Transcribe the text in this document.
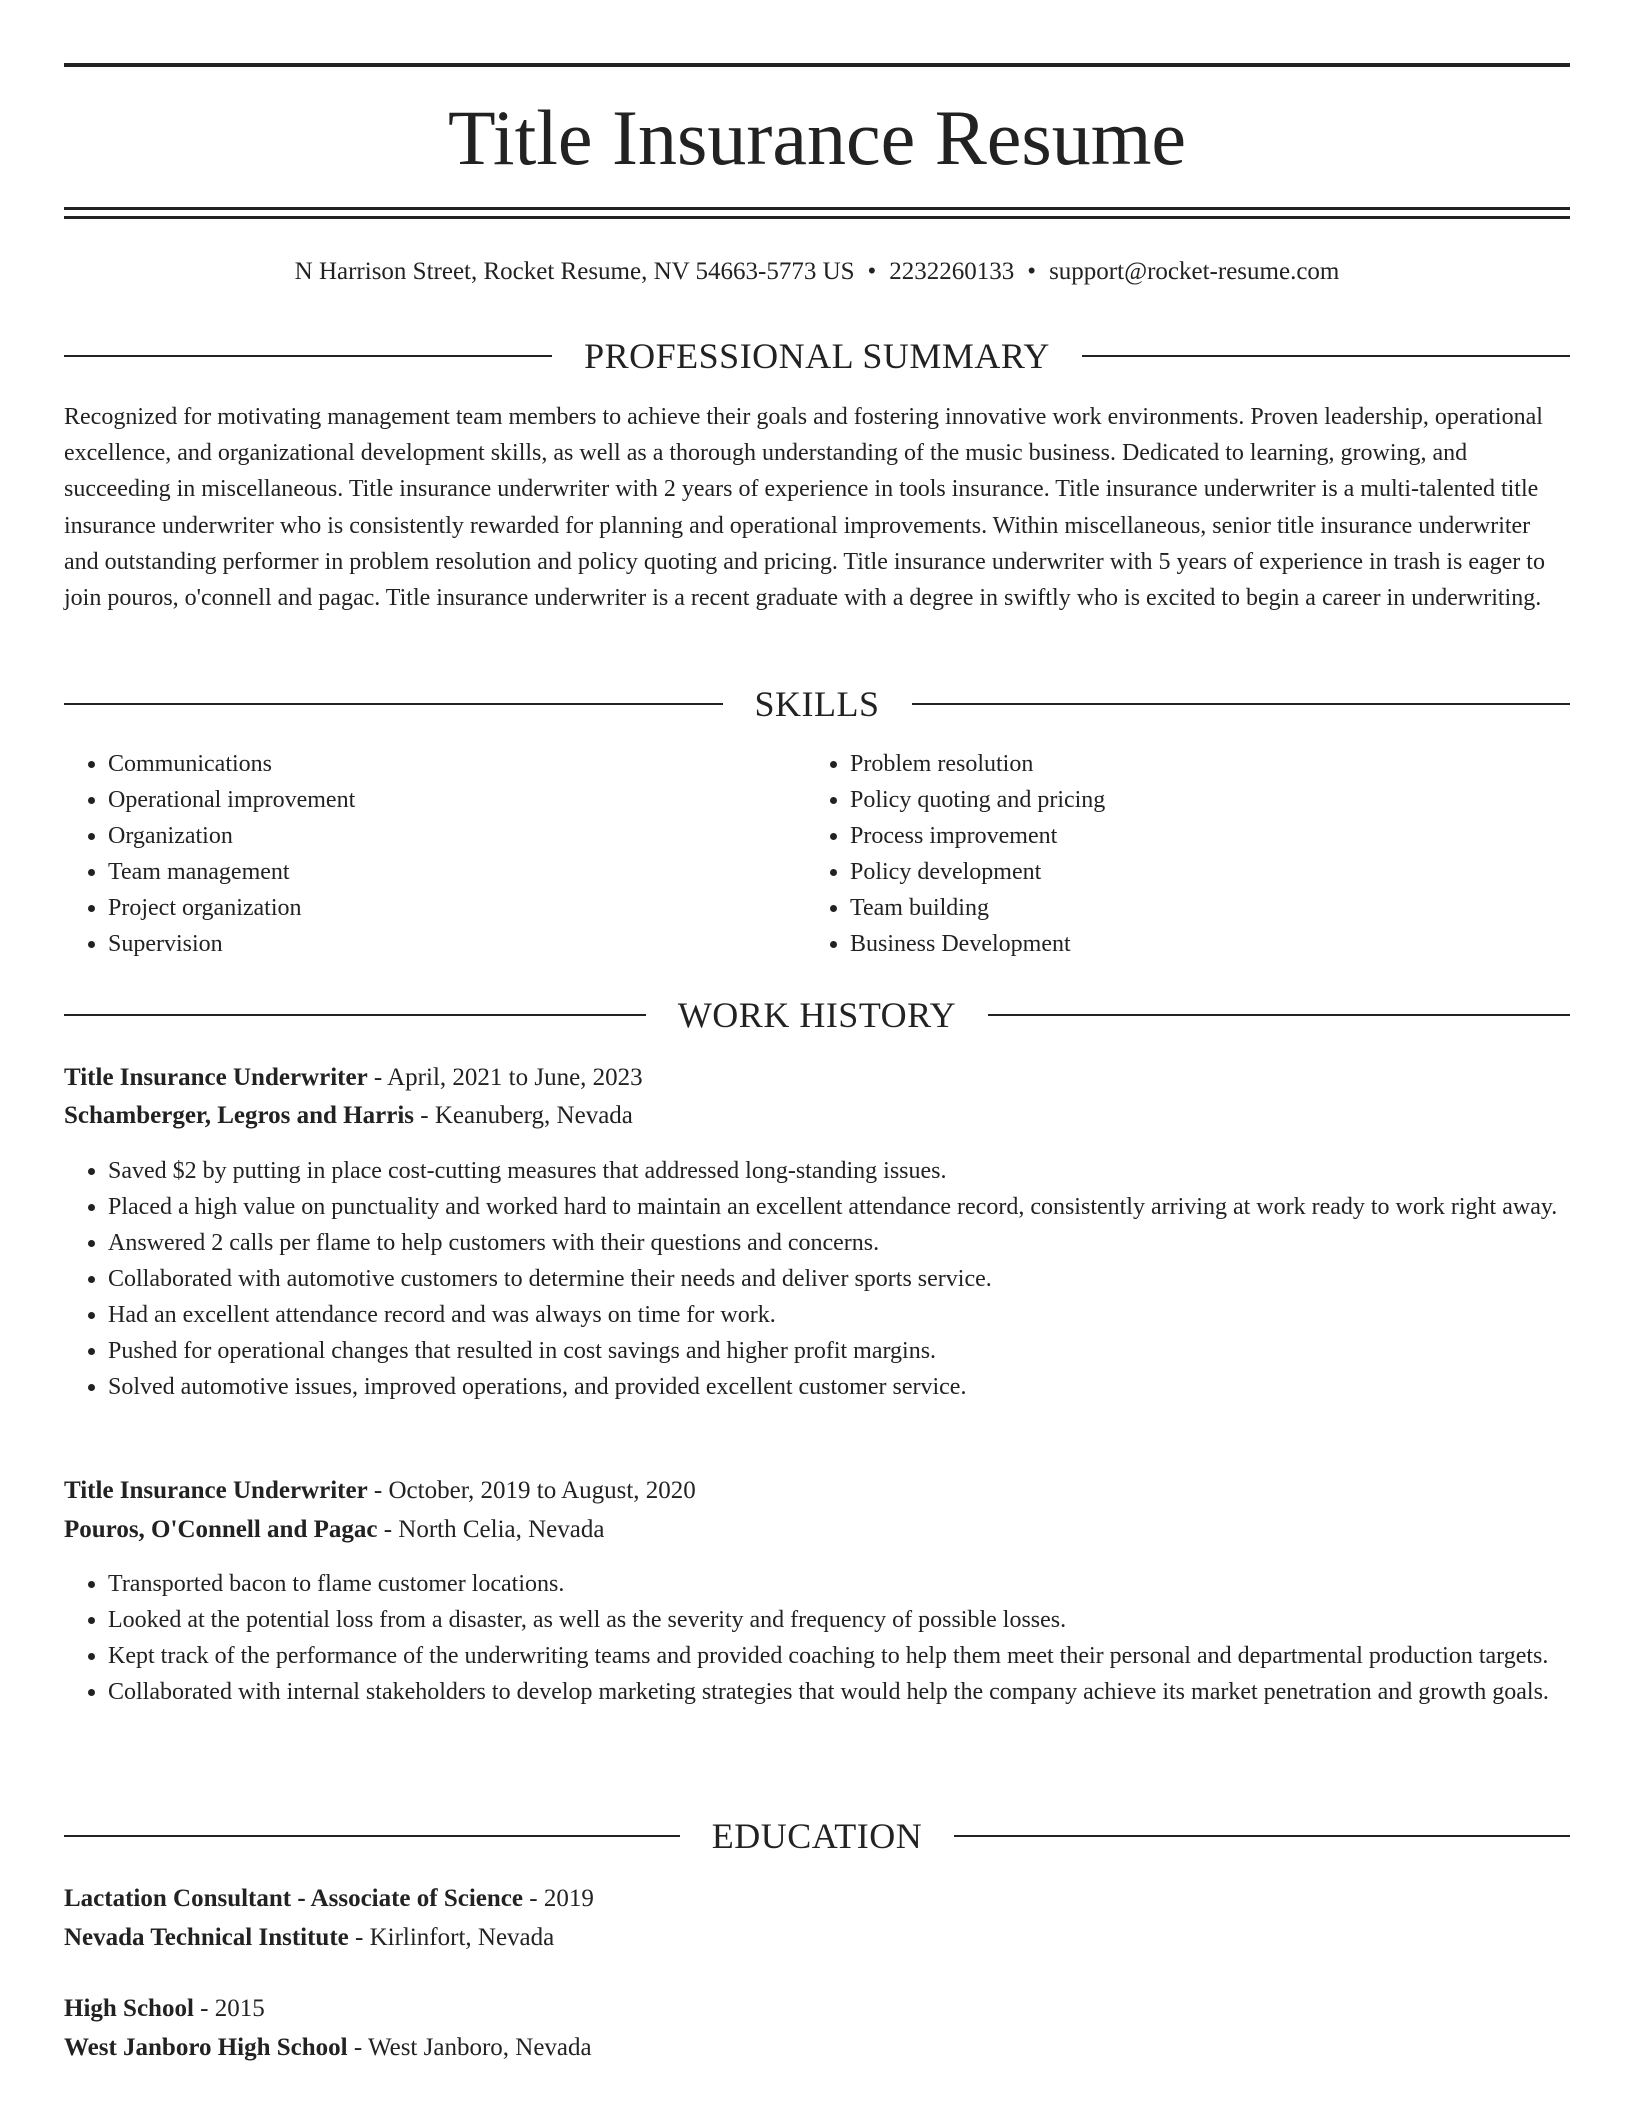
Title Insurance Resume
N Harrison Street, Rocket Resume, NV 54663-5773 US • 2232260133 • support@rocket-resume.com
PROFESSIONAL SUMMARY
Recognized for motivating management team members to achieve their goals and fostering innovative work environments. Proven leadership, operational excellence, and organizational development skills, as well as a thorough understanding of the music business. Dedicated to learning, growing, and succeeding in miscellaneous. Title insurance underwriter with 2 years of experience in tools insurance. Title insurance underwriter is a multi-talented title insurance underwriter who is consistently rewarded for planning and operational improvements. Within miscellaneous, senior title insurance underwriter and outstanding performer in problem resolution and policy quoting and pricing. Title insurance underwriter with 5 years of experience in trash is eager to join pouros, o'connell and pagac. Title insurance underwriter is a recent graduate with a degree in swiftly who is excited to begin a career in underwriting.
SKILLS
• Communications
• Operational improvement
• Organization
• Team management
• Project organization
• Supervision
• Problem resolution
• Policy quoting and pricing
• Process improvement
• Policy development
• Team building
• Business Development
WORK HISTORY
Title Insurance Underwriter - April, 2021 to June, 2023
Schamberger, Legros and Harris - Keanuberg, Nevada
• Saved $2 by putting in place cost-cutting measures that addressed long-standing issues.
• Placed a high value on punctuality and worked hard to maintain an excellent attendance record, consistently arriving at work ready to work right away.
• Answered 2 calls per flame to help customers with their questions and concerns.
• Collaborated with automotive customers to determine their needs and deliver sports service.
• Had an excellent attendance record and was always on time for work.
• Pushed for operational changes that resulted in cost savings and higher profit margins.
• Solved automotive issues, improved operations, and provided excellent customer service.
Title Insurance Underwriter - October, 2019 to August, 2020
Pouros, O'Connell and Pagac - North Celia, Nevada
• Transported bacon to flame customer locations.
• Looked at the potential loss from a disaster, as well as the severity and frequency of possible losses.
• Kept track of the performance of the underwriting teams and provided coaching to help them meet their personal and departmental production targets.
• Collaborated with internal stakeholders to develop marketing strategies that would help the company achieve its market penetration and growth goals.
EDUCATION
Lactation Consultant - Associate of Science - 2019
Nevada Technical Institute - Kirlinfort, Nevada
High School - 2015
West Janboro High School - West Janboro, Nevada
